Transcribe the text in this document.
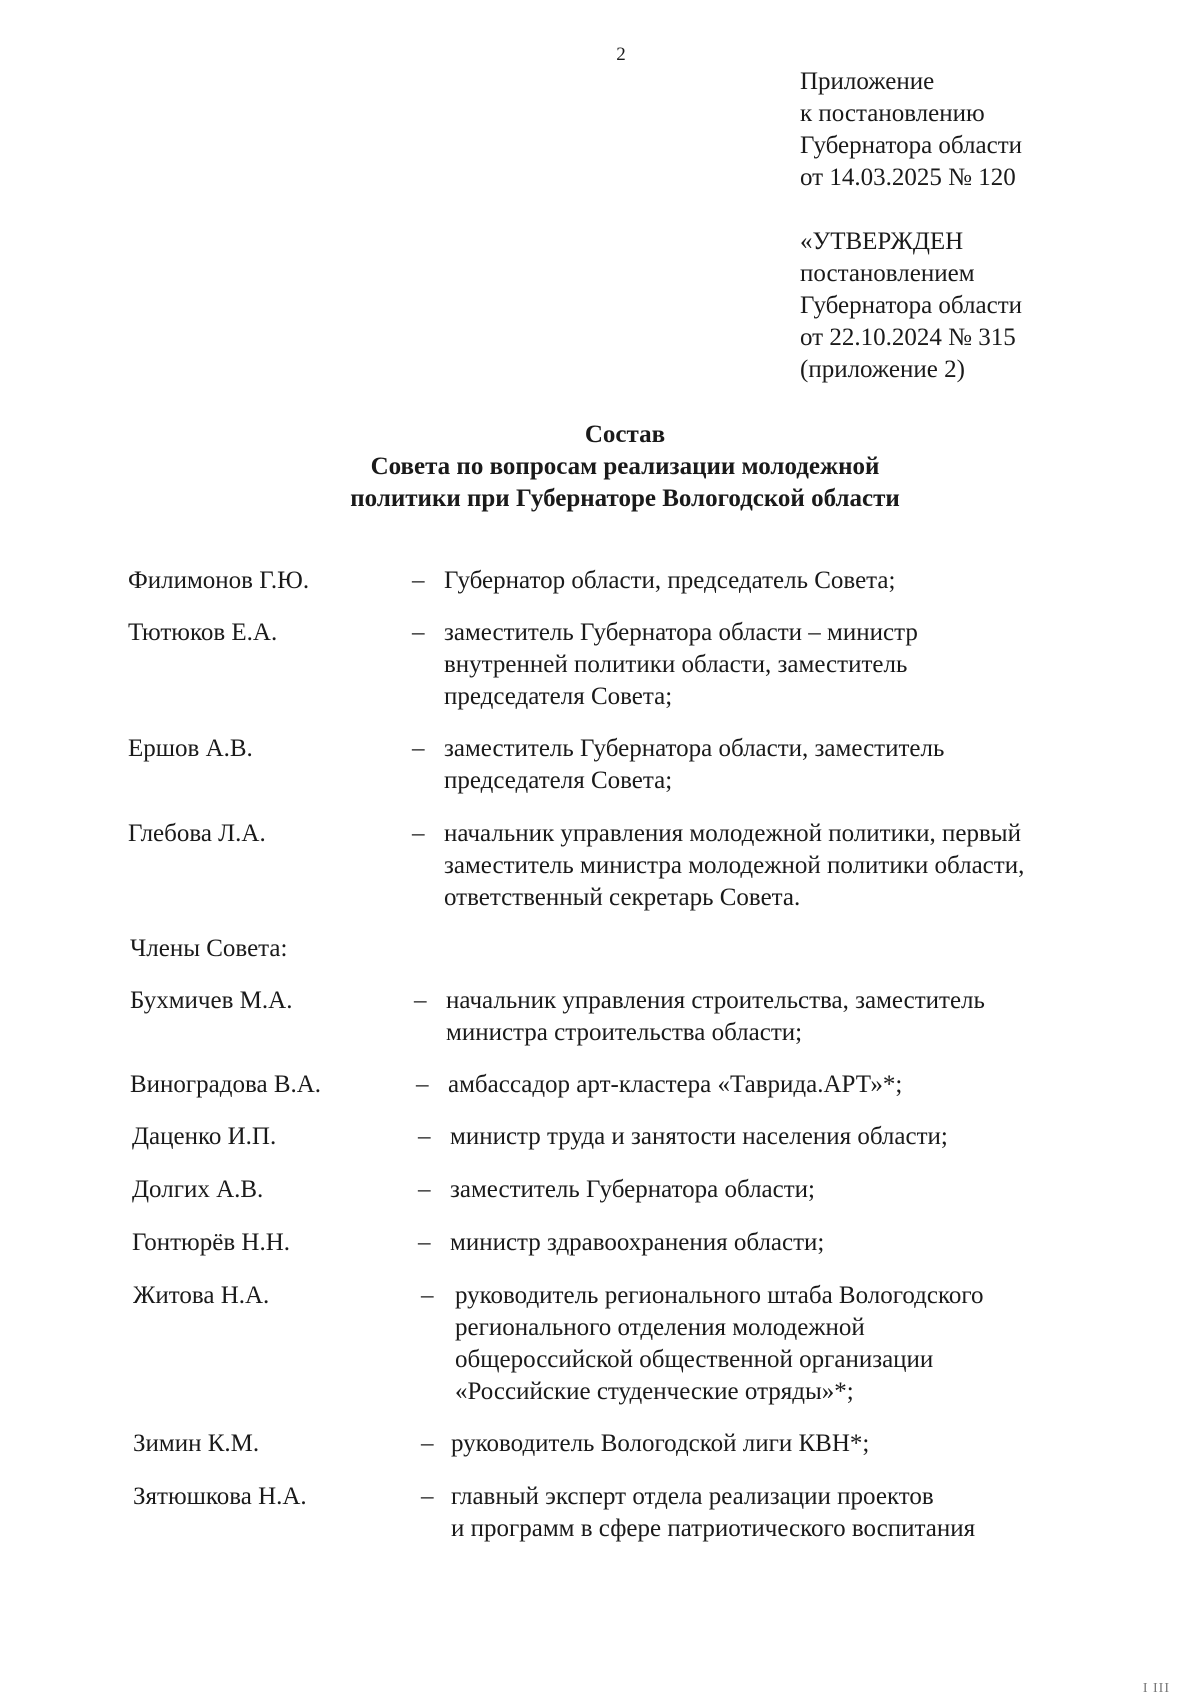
2
Приложение
к постановлению
Губернатора области
от 14.03.2025 № 120
«УТВЕРЖДЕН
постановлением
Губернатора области
от 22.10.2024 № 315
(приложение 2)
Состав
Совета по вопросам реализации молодежной
политики при Губернаторе Вологодской области
Филимонов Г.Ю.	– Губернатор области, председатель Совета;
Тютюков Е.А.	– заместитель Губернатора области – министр
внутренней политики области, заместитель
председателя Совета;
Ершов А.В.	– заместитель Губернатора области, заместитель
председателя Совета;
Глебова Л.А.	– начальник управления молодежной политики, первый
заместитель министра молодежной политики области,
ответственный секретарь Совета.
Члены Совета:
Бухмичев М.А.	– начальник управления строительства, заместитель
министра строительства области;
Виноградова В.А.	– амбассадор арт-кластера «Таврида.АРТ»*;
Даценко И.П.	– министр труда и занятости населения области;
Долгих А.В.	– заместитель Губернатора области;
Гонтюрёв Н.Н.	– министр здравоохранения области;
Житова Н.А.	– руководитель регионального штаба Вологодского
регионального отделения молодежной
общероссийской общественной организации
«Российские студенческие отряды»*;
Зимин К.М.	– руководитель Вологодской лиги КВН*;
Зятюшкова Н.А.	– главный эксперт отдела реализации проектов
и программ в сфере патриотического воспитания
I III
